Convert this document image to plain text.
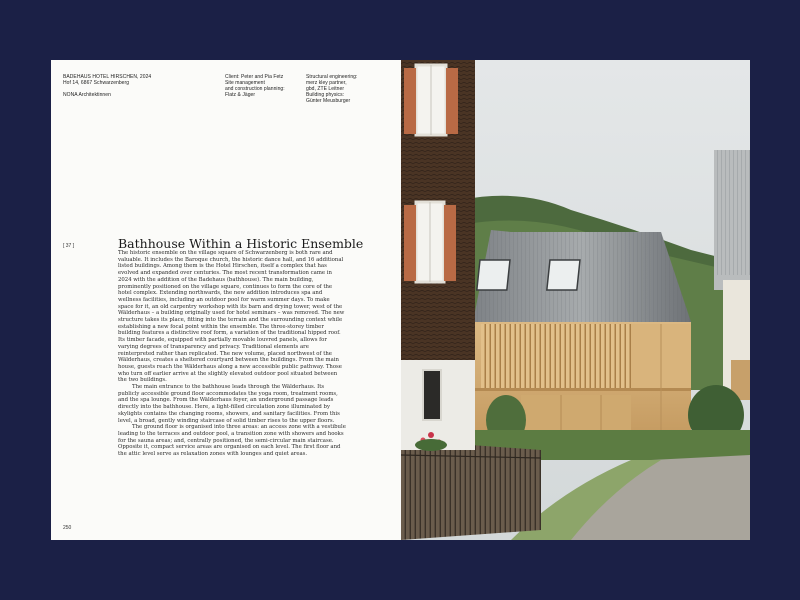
BADEHAUS HOTEL HIRSCHEN, 2024
Hof 14, 6867 Schwarzenberg
NONA Architektinnen
Client: Peter and Pia Fetz
Site management
and construction planning:
Flatz & Jäger
Structural engineering:
merz kley partner,
gbd, ZTE Leitner
Building physics:
Günter Meusburger
[ 37 ]	Bathhouse Within a Historic Ensemble

The historic ensemble on the village square of Schwarzenberg is both rare and valuable. It includes the Baroque church, the historic dance hall, and 16 additional listed buildings. Among them is the Hotel Hirschen, itself a complex that has evolved and expanded over centuries. The most recent transformation came in 2024 with the addition of the Badehaus (bathhouse). The main building, prominently positioned on the village square, continues to form the core of the hotel complex. Extending northwards, the new addition introduces spa and wellness facilities, including an outdoor pool for warm summer days. To make space for it, an old carpentry workshop with its barn and drying tower, west of the Wälderhaus – a building originally used for hotel seminars – was removed. The new structure takes its place, fitting into the terrain and the surrounding context while establishing a new focal point within the ensemble. The three-storey timber building features a distinctive roof form, a variation of the traditional hipped roof. Its timber facade, equipped with partially movable louvred panels, allows for varying degrees of transparency and privacy. Traditional elements are reinterpreted rather than replicated. The new volume, placed northwest of the Wälderhaus, creates a sheltered courtyard between the buildings. From the main house, guests reach the Wälderhaus along a new accessible public pathway. Those who turn off earlier arrive at the slightly elevated outdoor pool situated between the two buildings.

The main entrance to the bathhouse leads through the Wälderhaus. Its publicly accessible ground floor accommodates the yoga room, treatment rooms, and the spa lounge. From the Wälderhaus foyer, an underground passage leads directly into the bathhouse. Here, a light-filled circulation zone illuminated by skylights contains the changing rooms, showers, and sanitary facilities. From this level, a broad, gently winding staircase of solid timber rises to the upper floors.

The ground floor is organised into three areas: an access zone with a vestibule leading to the terraces and outdoor pool, a transition zone with showers and hooks for the sauna areas; and, centrally positioned, the semi-circular main staircase. Opposite it, compact service areas are organised on each level. The first floor and the attic level serve as relaxation zones with lounges and quiet areas.

250
